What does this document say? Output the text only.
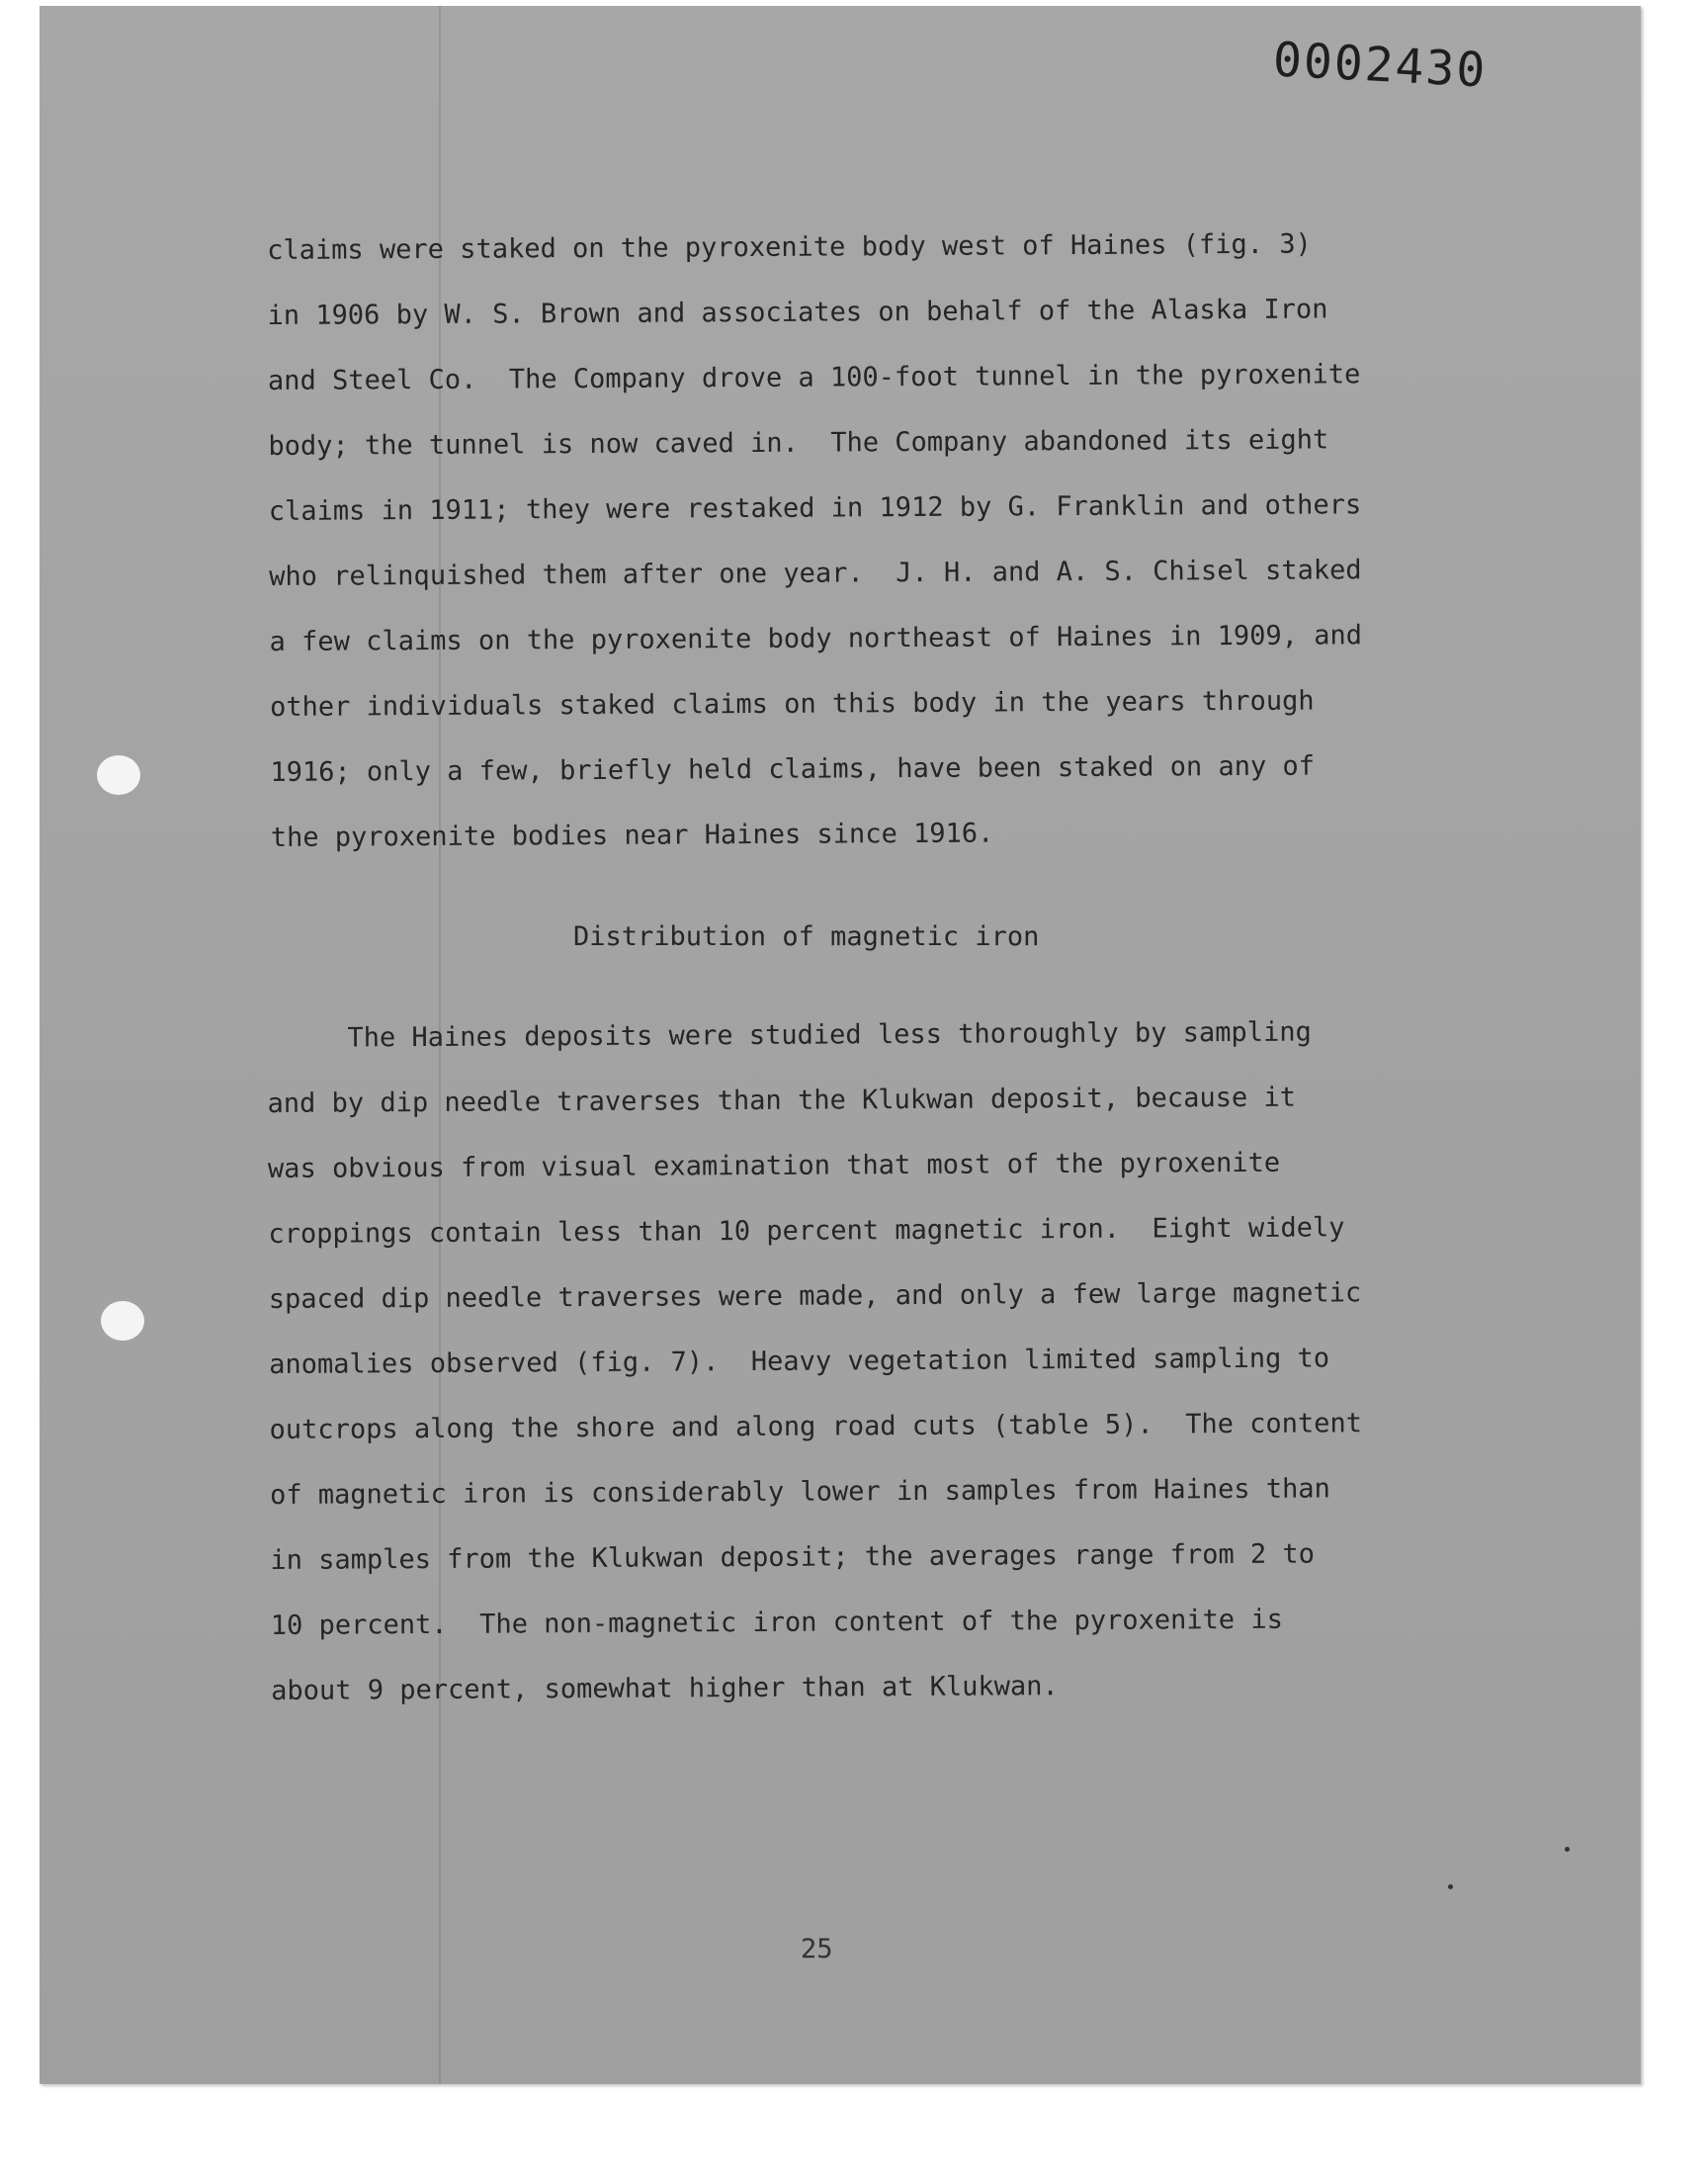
0002430

claims were staked on the pyroxenite body west of Haines (fig. 3)
in 1906 by W. S. Brown and associates on behalf of the Alaska Iron
and Steel Co.  The Company drove a 100-foot tunnel in the pyroxenite
body; the tunnel is now caved in.  The Company abandoned its eight
claims in 1911; they were restaked in 1912 by G. Franklin and others
who relinquished them after one year.  J. H. and A. S. Chisel staked
a few claims on the pyroxenite body northeast of Haines in 1909, and
other individuals staked claims on this body in the years through
1916; only a few, briefly held claims, have been staked on any of
the pyroxenite bodies near Haines since 1916.

Distribution of magnetic iron

The Haines deposits were studied less thoroughly by sampling
and by dip needle traverses than the Klukwan deposit, because it
was obvious from visual examination that most of the pyroxenite
croppings contain less than 10 percent magnetic iron.  Eight widely
spaced dip needle traverses were made, and only a few large magnetic
anomalies observed (fig. 7).  Heavy vegetation limited sampling to
outcrops along the shore and along road cuts (table 5).  The content
of magnetic iron is considerably lower in samples from Haines than
in samples from the Klukwan deposit; the averages range from 2 to
10 percent.  The non-magnetic iron content of the pyroxenite is
about 9 percent, somewhat higher than at Klukwan.

25
